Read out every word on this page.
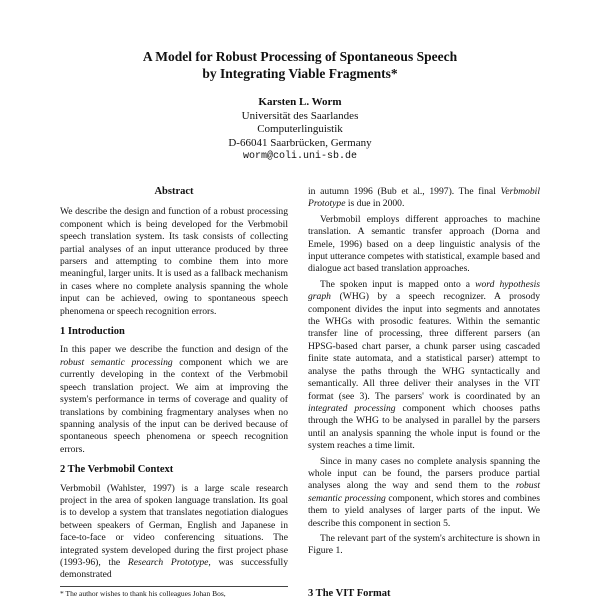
A Model for Robust Processing of Spontaneous Speech
by Integrating Viable Fragments*
Karsten L. Worm
Universität des Saarlandes
Computerlinguistik
D-66041 Saarbrücken, Germany
worm@coli.uni-sb.de
Abstract

We describe the design and function of a robust processing component which is being developed for the Verbmobil speech translation system. Its task consists of collecting partial analyses of an input utterance produced by three parsers and attempting to combine them into more meaningful, larger units. It is used as a fallback mechanism in cases where no complete analysis spanning the whole input can be achieved, owing to spontaneous speech phenomena or speech recognition errors.

1 Introduction

In this paper we describe the function and design of the robust semantic processing component which we are currently developing in the context of the Verbmobil speech translation project. We aim at improving the system's performance in terms of coverage and quality of translations by combining fragmentary analyses when no spanning analysis of the input can be derived because of spontaneous speech phenomena or speech recognition errors.

2 The Verbmobil Context

Verbmobil (Wahlster, 1997) is a large scale research project in the area of spoken language translation. Its goal is to develop a system that translates negotiation dialogues between speakers of German, English and Japanese in face-to-face or video conferencing situations. The integrated system developed during the first project phase (1993-96), the Research Prototype, was successfully demonstrated

* The author wishes to thank his colleagues Johan Bos,

in autumn 1996 (Bub et al., 1997). The final Verbmobil Prototype is due in 2000.

Verbmobil employs different approaches to machine translation. A semantic transfer approach (Dorna and Emele, 1996) based on a deep linguistic analysis of the input utterance competes with statistical, example based and dialogue act based translation approaches.

The spoken input is mapped onto a word hypothesis graph (WHG) by a speech recognizer. A prosody component divides the input into segments and annotates the WHGs with prosodic features. Within the semantic transfer line of processing, three different parsers (an HPSG-based chart parser, a chunk parser using cascaded finite state automata, and a statistical parser) attempt to analyse the paths through the WHG syntactically and semantically. All three deliver their analyses in the VIT format (see 3). The parsers' work is coordinated by an integrated processing component which chooses paths through the WHG to be analysed in parallel by the parsers until an analysis spanning the whole input is found or the system reaches a time limit.

Since in many cases no complete analysis spanning the whole input can be found, the parsers produce partial analyses along the way and send them to the robust semantic processing component, which stores and combines them to yield analyses of larger parts of the input. We describe this component in section 5.

The relevant part of the system's architecture is shown in Figure 1.

3 The VIT Format
